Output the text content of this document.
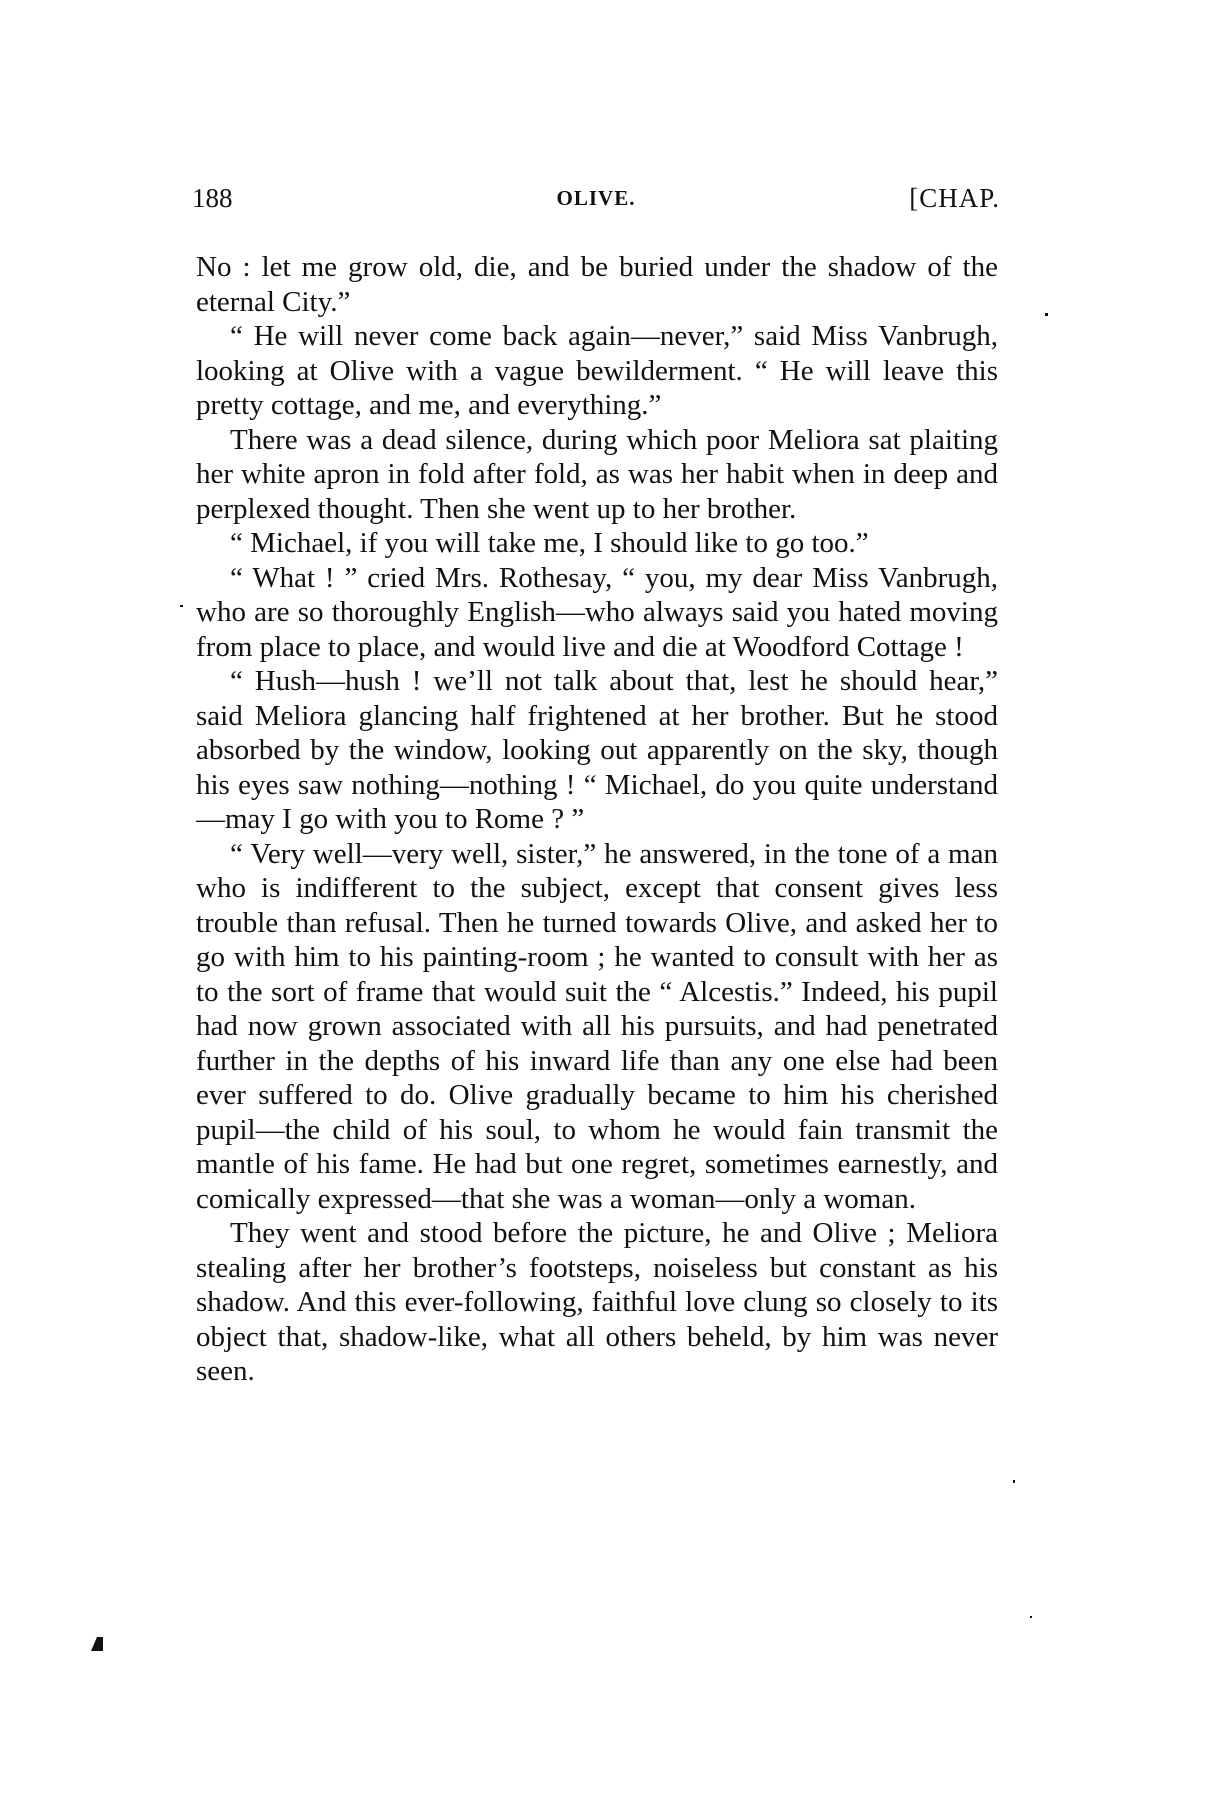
188	OLIVE.	[CHAP.

No : let me grow old, die, and be buried under the shadow of the eternal City.”

“ He will never come back again—never,” said Miss Vanbrugh, looking at Olive with a vague bewilderment. “ He will leave this pretty cottage, and me, and everything.”

There was a dead silence, during which poor Meliora sat plaiting her white apron in fold after fold, as was her habit when in deep and perplexed thought. Then she went up to her brother.

“ Michael, if you will take me, I should like to go too.”

“ What ! ” cried Mrs. Rothesay, “ you, my dear Miss Vanbrugh, who are so thoroughly English—who always said you hated moving from place to place, and would live and die at Woodford Cottage !

“ Hush—hush ! we’ll not talk about that, lest he should hear,” said Meliora glancing half frightened at her brother. But he stood absorbed by the window, looking out apparently on the sky, though his eyes saw nothing—nothing ! “ Michael, do you quite understand—may I go with you to Rome ? ”

“ Very well—very well, sister,” he answered, in the tone of a man who is indifferent to the subject, except that consent gives less trouble than refusal. Then he turned towards Olive, and asked her to go with him to his painting-room ; he wanted to consult with her as to the sort of frame that would suit the “ Alcestis.” Indeed, his pupil had now grown associated with all his pursuits, and had penetrated further in the depths of his inward life than any one else had been ever suffered to do. Olive gradually became to him his cherished pupil—the child of his soul, to whom he would fain transmit the mantle of his fame. He had but one regret, sometimes earnestly, and comically expressed—that she was a woman—only a woman.

They went and stood before the picture, he and Olive ; Meliora stealing after her brother’s footsteps, noiseless but constant as his shadow. And this ever-following, faithful love clung so closely to its object that, shadow-like, what all others beheld, by him was never seen.
